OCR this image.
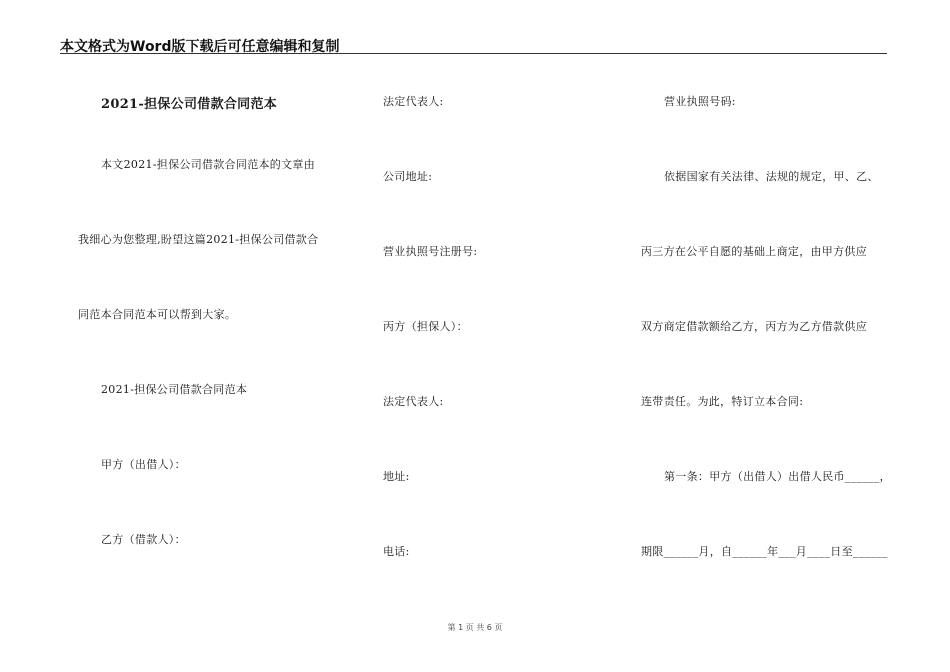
本文格式为Word版下载后可任意编辑和复制
2021-担保公司借款合同范本
本文2021-担保公司借款合同范本的文章由
我细心为您整理,盼望这篇2021-担保公司借款合
同范本合同范本可以帮到大家。
2021-担保公司借款合同范本
甲方（出借人）：
乙方（借款人）：
法定代表人:
公司地址:
营业执照号注册号:
丙方（担保人）：
法定代表人:
地址:
电话:
营业执照号码:
依据国家有关法律、法规的规定，甲、乙、
丙三方在公平自愿的基础上商定，由甲方供应
双方商定借款额给乙方，丙方为乙方借款供应
连带责任。为此，特订立本合同:
第一条：甲方（出借人）出借人民币______，
期限______月，自______年___月____日至______
第 1 页 共 6 页
